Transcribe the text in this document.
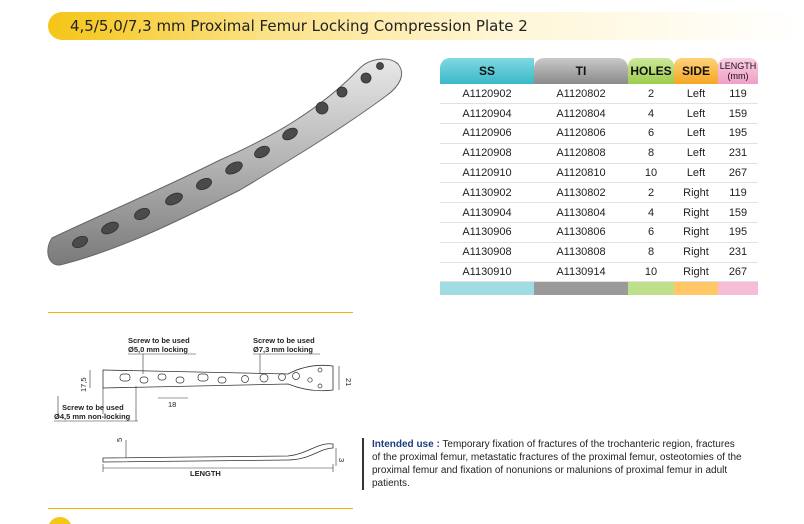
4,5/5,0/7,3 mm Proximal Femur Locking Compression Plate 2
SS	TI	HOLES	SIDE	LENGTH
(mm)
A1120902	A1120802	2	Left	119
A1120904	A1120804	4	Left	159
A1120906	A1120806	6	Left	195
A1120908	A1120808	8	Left	231
A1120910	A1120810	10	Left	267
A1130902	A1130802	2	Right	119
A1130904	A1130804	4	Right	159
A1130906	A1130806	6	Right	195
A1130908	A1130808	8	Right	231
A1130910	A1130914	10	Right	267

Screw to be used
Ø5,0 mm locking
Screw to be used
Ø7,3 mm locking
17,5
18
21
Screw to be used
Ø4,5 mm non-locking
5
3
LENGTH

Intended use : Temporary fixation of fractures of the trochanteric region, fractures of the proximal femur, metastatic fractures of the proximal femur, osteotomies of the proximal femur and fixation of nonunions or malunions of proximal femur in adult patients.
